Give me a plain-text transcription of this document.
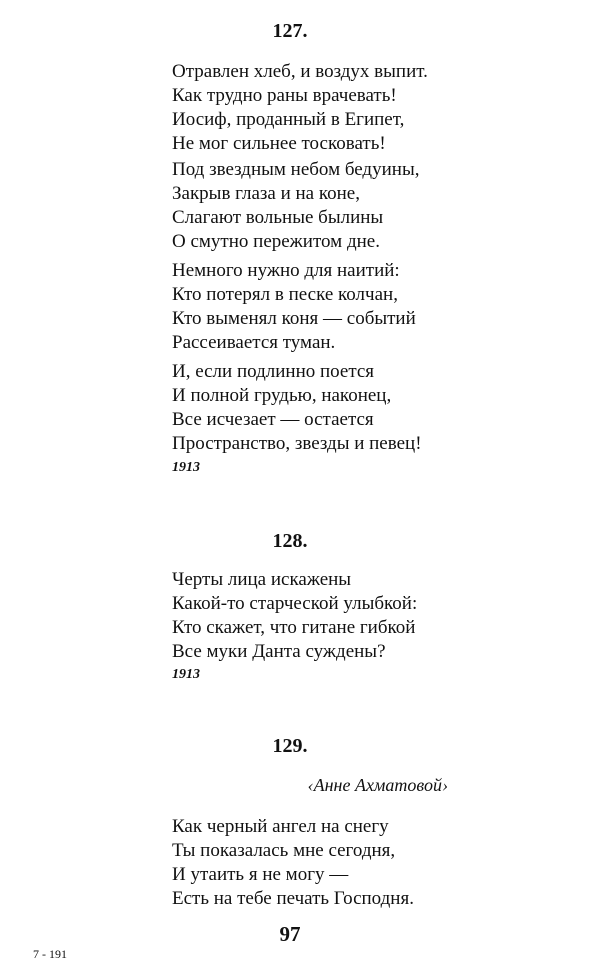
127.
Отравлен хлеб, и воздух выпит.
Как трудно раны врачевать!
Иосиф, проданный в Египет,
Не мог сильнее тосковать!
Под звездным небом бедуины,
Закрыв глаза и на коне,
Слагают вольные былины
О смутно пережитом дне.
Немного нужно для наитий:
Кто потерял в песке колчан,
Кто выменял коня — событий
Рассеивается туман.
И, если подлинно поется
И полной грудью, наконец,
Все исчезает — остается
Пространство, звезды и певец!
1913
128.
Черты лица искажены
Какой-то старческой улыбкой:
Кто скажет, что гитане гибкой
Все муки Данта суждены?
1913
129.
‹Анне Ахматовой›
Как черный ангел на снегу
Ты показалась мне сегодня,
И утаить я не могу —
Есть на тебе печать Господня.
97
7 - 191
